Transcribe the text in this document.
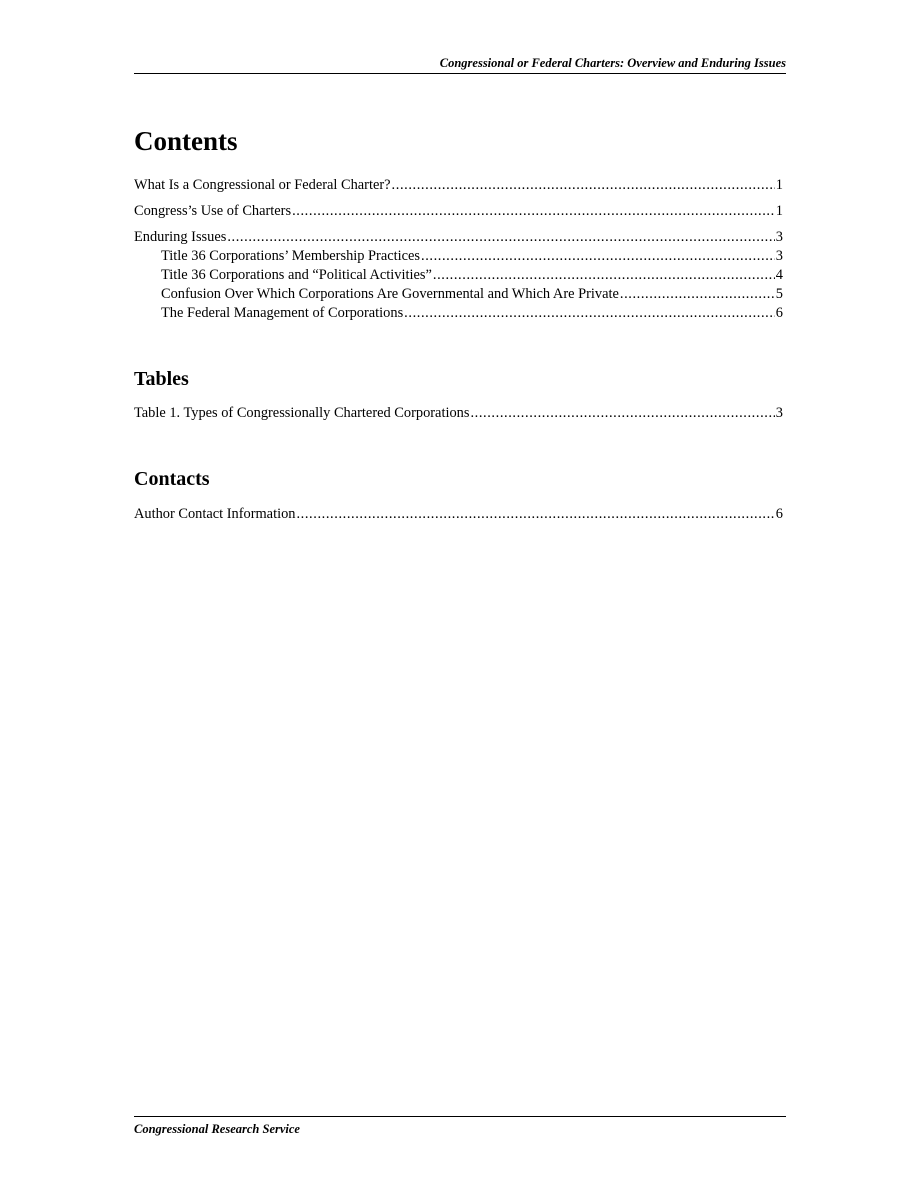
Congressional or Federal Charters: Overview and Enduring Issues
Contents
What Is a Congressional or Federal Charter? .....	1
Congress’s Use of Charters .....	1
Enduring Issues .....	3
Title 36 Corporations’ Membership Practices .....	3
Title 36 Corporations and “Political Activities” .....	4
Confusion Over Which Corporations Are Governmental and Which Are Private .....	5
The Federal Management of Corporations .....	6
Tables
Table 1. Types of Congressionally Chartered Corporations .....	3
Contacts
Author Contact Information .....	6
Congressional Research Service
